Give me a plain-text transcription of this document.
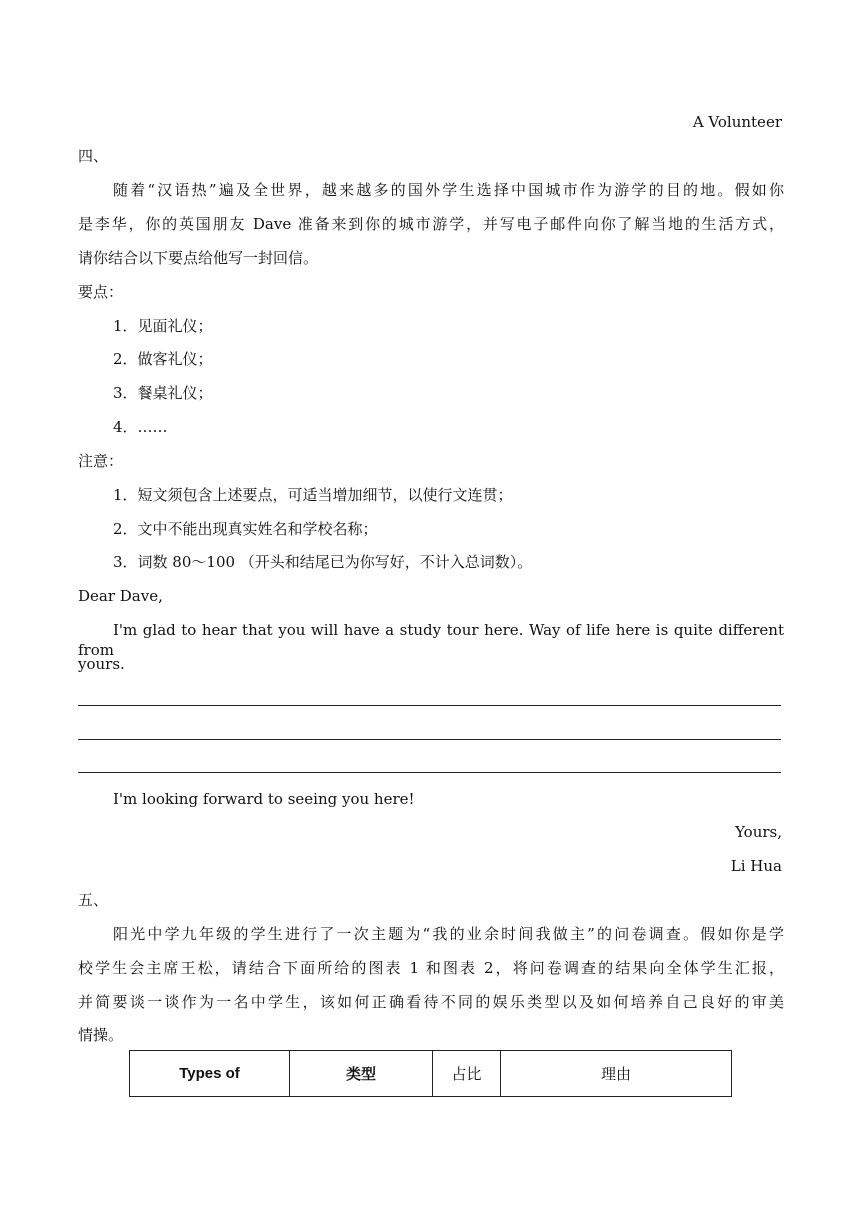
A Volunteer
四、
随着“汉语热”遍及全世界，越来越多的国外学生选择中国城市作为游学的目的地。假如你
是李华，你的英国朋友 Dave 准备来到你的城市游学，并写电子邮件向你了解当地的生活方式，
请你结合以下要点给他写一封回信。
要点：
1．见面礼仪；
2．做客礼仪；
3．餐桌礼仪；
4．……
注意：
1．短文须包含上述要点，可适当增加细节，以使行文连贯；
2．文中不能出现真实姓名和学校名称；
3．词数 80～100 （开头和结尾已为你写好，不计入总词数）。
Dear Dave,
I'm glad to hear that you will have a study tour here. Way of life here is quite different from
yours.
I'm looking forward to seeing you here!
Yours,
Li Hua
五、
阳光中学九年级的学生进行了一次主题为“我的业余时间我做主”的问卷调查。假如你是学
校学生会主席王松，请结合下面所给的图表 1 和图表 2，将问卷调查的结果向全体学生汇报，
并简要谈一谈作为一名中学生，该如何正确看待不同的娱乐类型以及如何培养自己良好的审美
情操。
Types of	类型	占比	理由
